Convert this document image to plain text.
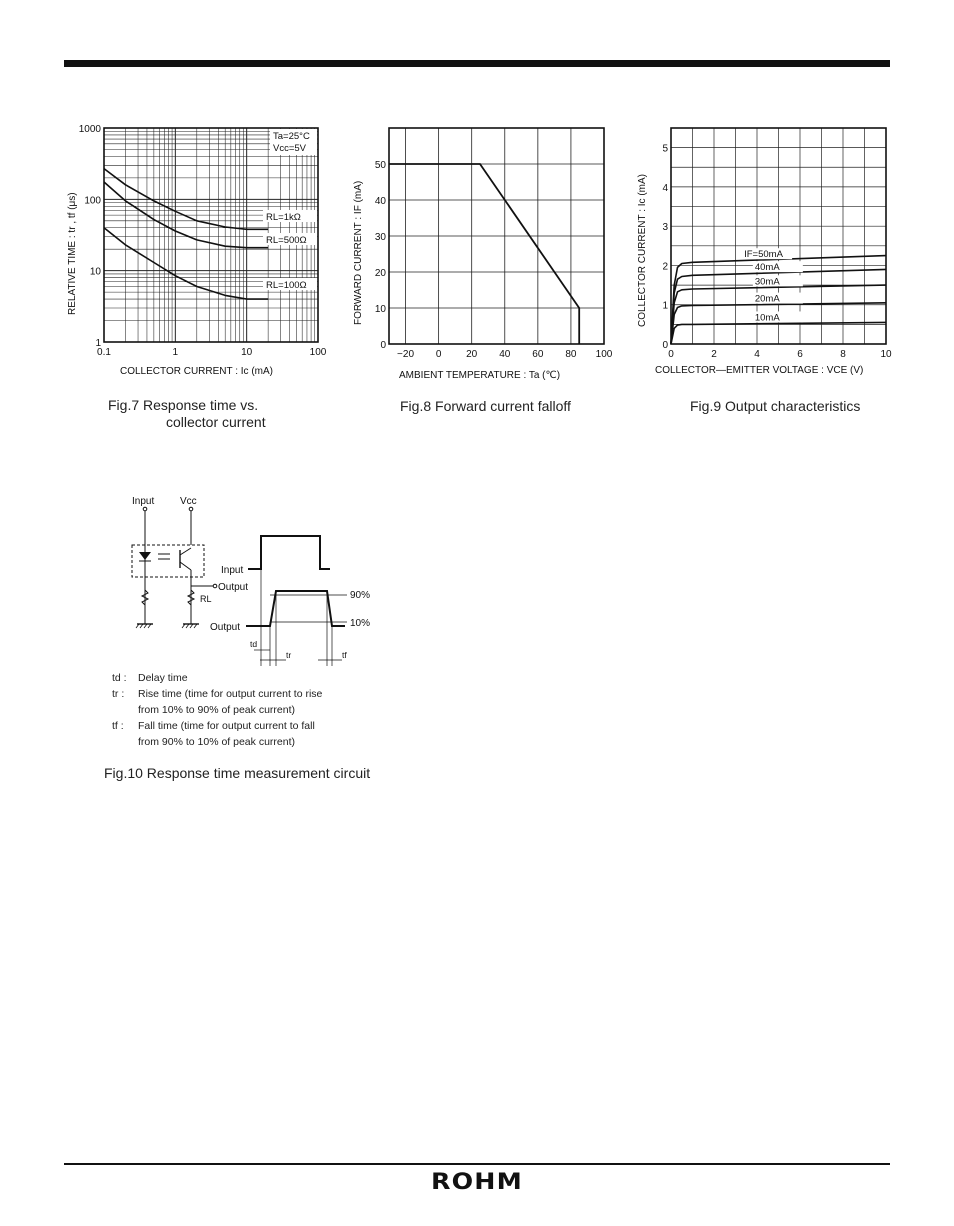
0.1	1	10	100
1
10
100
1000
Ta=25°C
Vcc=5V
RL=1kΩ
RL=500Ω
RL=100Ω
COLLECTOR CURRENT : Ic (mA)
RELATIVE TIME : tr , tf (μs)
Fig.7 Response time vs.
collector current
−20 0 20 40 60 80 100
0
10
20
30
40
50
AMBIENT TEMPERATURE : Ta (℃)
FORWARD CURRENT : IF (mA)
Fig.8 Forward current falloff
0	2	4	6	8	10
0
1
2
3
4
5
IF=50mA
40mA
30mA
20mA
10mA
COLLECTOR—EMITTER VOLTAGE : VCE (V)
COLLECTOR CURRENT : Ic (mA)
Fig.9 Output characteristics
Input	Vcc
Output
RL
Input
Output
90%
10%
td
tr	tf
td : Delay time
tr : Rise time (time for output current to rise
from 10% to 90% of peak current)
tf : Fall time (time for output current to fall
from 90% to 10% of peak current)
Fig.10 Response time measurement circuit
ROHM
